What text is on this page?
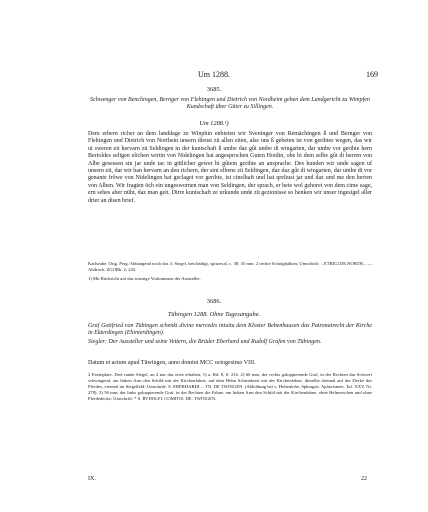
Um 1288.	169
3685.
Schwenger von Benchingen, Bernger von Flehingen und Dietrich von Nordheim geben dem Landgericht zu Wimpfen Kundschaft über Güter zu Sillingen.
Um 1288.¹)

Dem erbern richer an dem landdage ze Winphin enbieten wir Sveninger von Remächingen ß und Bernger von Flehingen und Dietrich von Northein unsern dienst zü allen ziten, alse uns ß gebeten ist von gerihtes wegen, das wir ut sweren eit hervarn zü Seldingen in der kuntschaft ß umbe daz gût umbe di wingarten, dar umbe vor gerihte hern Bertoldes seligen elichen wirtin von Nidelingen hat angesprochen Guten Hoidin, obe bi dem selbe gût di herren von Albe gesessen sin jar unde tac in gütlicher gewer bi gûtem gerihte an ansprache. Des kunden wir unde sagen uf unsern eit, dar wir han hervarn an den richern, der sint elbene zü Seldingen, daz daz gût di wingarten, dar umbe di vor genante frôwe von Nidelingen hat geclaget vor gerihte, ist cinelhaft und hat qreliust jar und daz und me den herren von Alben. Wir fragten öch ein ungeswornen man von Seldingen, der sprach, er hete wol gehoret von dem cime sage, ern sehes aber nüht, daz man geit. Dirre kuntschaft ze urkunde unde zü gezionisse so henken wir unser ingesigel aller drier an disen brief.

Karlsruhe. Orig. Perg. Abhangend noch das 3. Siegel, beschädigt, spitzoval, c. 38, 35 mm. 2 rechte Schrägbalken; Umschrift: ...ETRICI.DE.NORTH... — Abdruck: ZGORh. 2, 243.

1) Mit Rücksicht auf das sonstige Vorkommen der Aussteller.

3686.
Tübingen 1288. Ohne Tagesangabe.

Graf Gottfried von Tübingen schenkt divine mercedis intuitu dem Kloster Bebenhausen das Patronatrecht der Kirche in Ekterdingen (Ehinterdingen).

Siegler: Der Aussteller und seine Vettern, die Brüder Eberhard und Rudolf Grafen von Tübingen.

Datum et actum apud Tüwingen, anno domini MCC octogesimo VIII.

2 Exemplare. Drei runde Siegel, an 2 nur das erste erhalten, 1) a. Bd. 8, S. 216. 2) 60 mm, der rechts galoppierende Graf, in der Rechten das Schwert schwingend, am linken Arm den Schild mit der Kirchenfahne, auf dem Helm Schirmbrett mit der Kirchenfahne, dieselbe dreimal auf der Decke des Pferdes, viermal im Siegelfeld; Umschrift: S. EBERHARDI ... TII. DE TWINGEN. (Abbildung bei v. Hohenlohe, Sphragist. Aphorismen, Taf. XXV, Nr. 278). 3) 56 mm, der links galoppierende Graf, in der Rechten die Fahne, am linken Arm den Schild mit der Kirchenfahne, ohne Helmzeichen und ohne Pferdedecke; Umschrift: * S. RVDOLFI. COMITIS. DE. TWINGEN.

IX.	22
